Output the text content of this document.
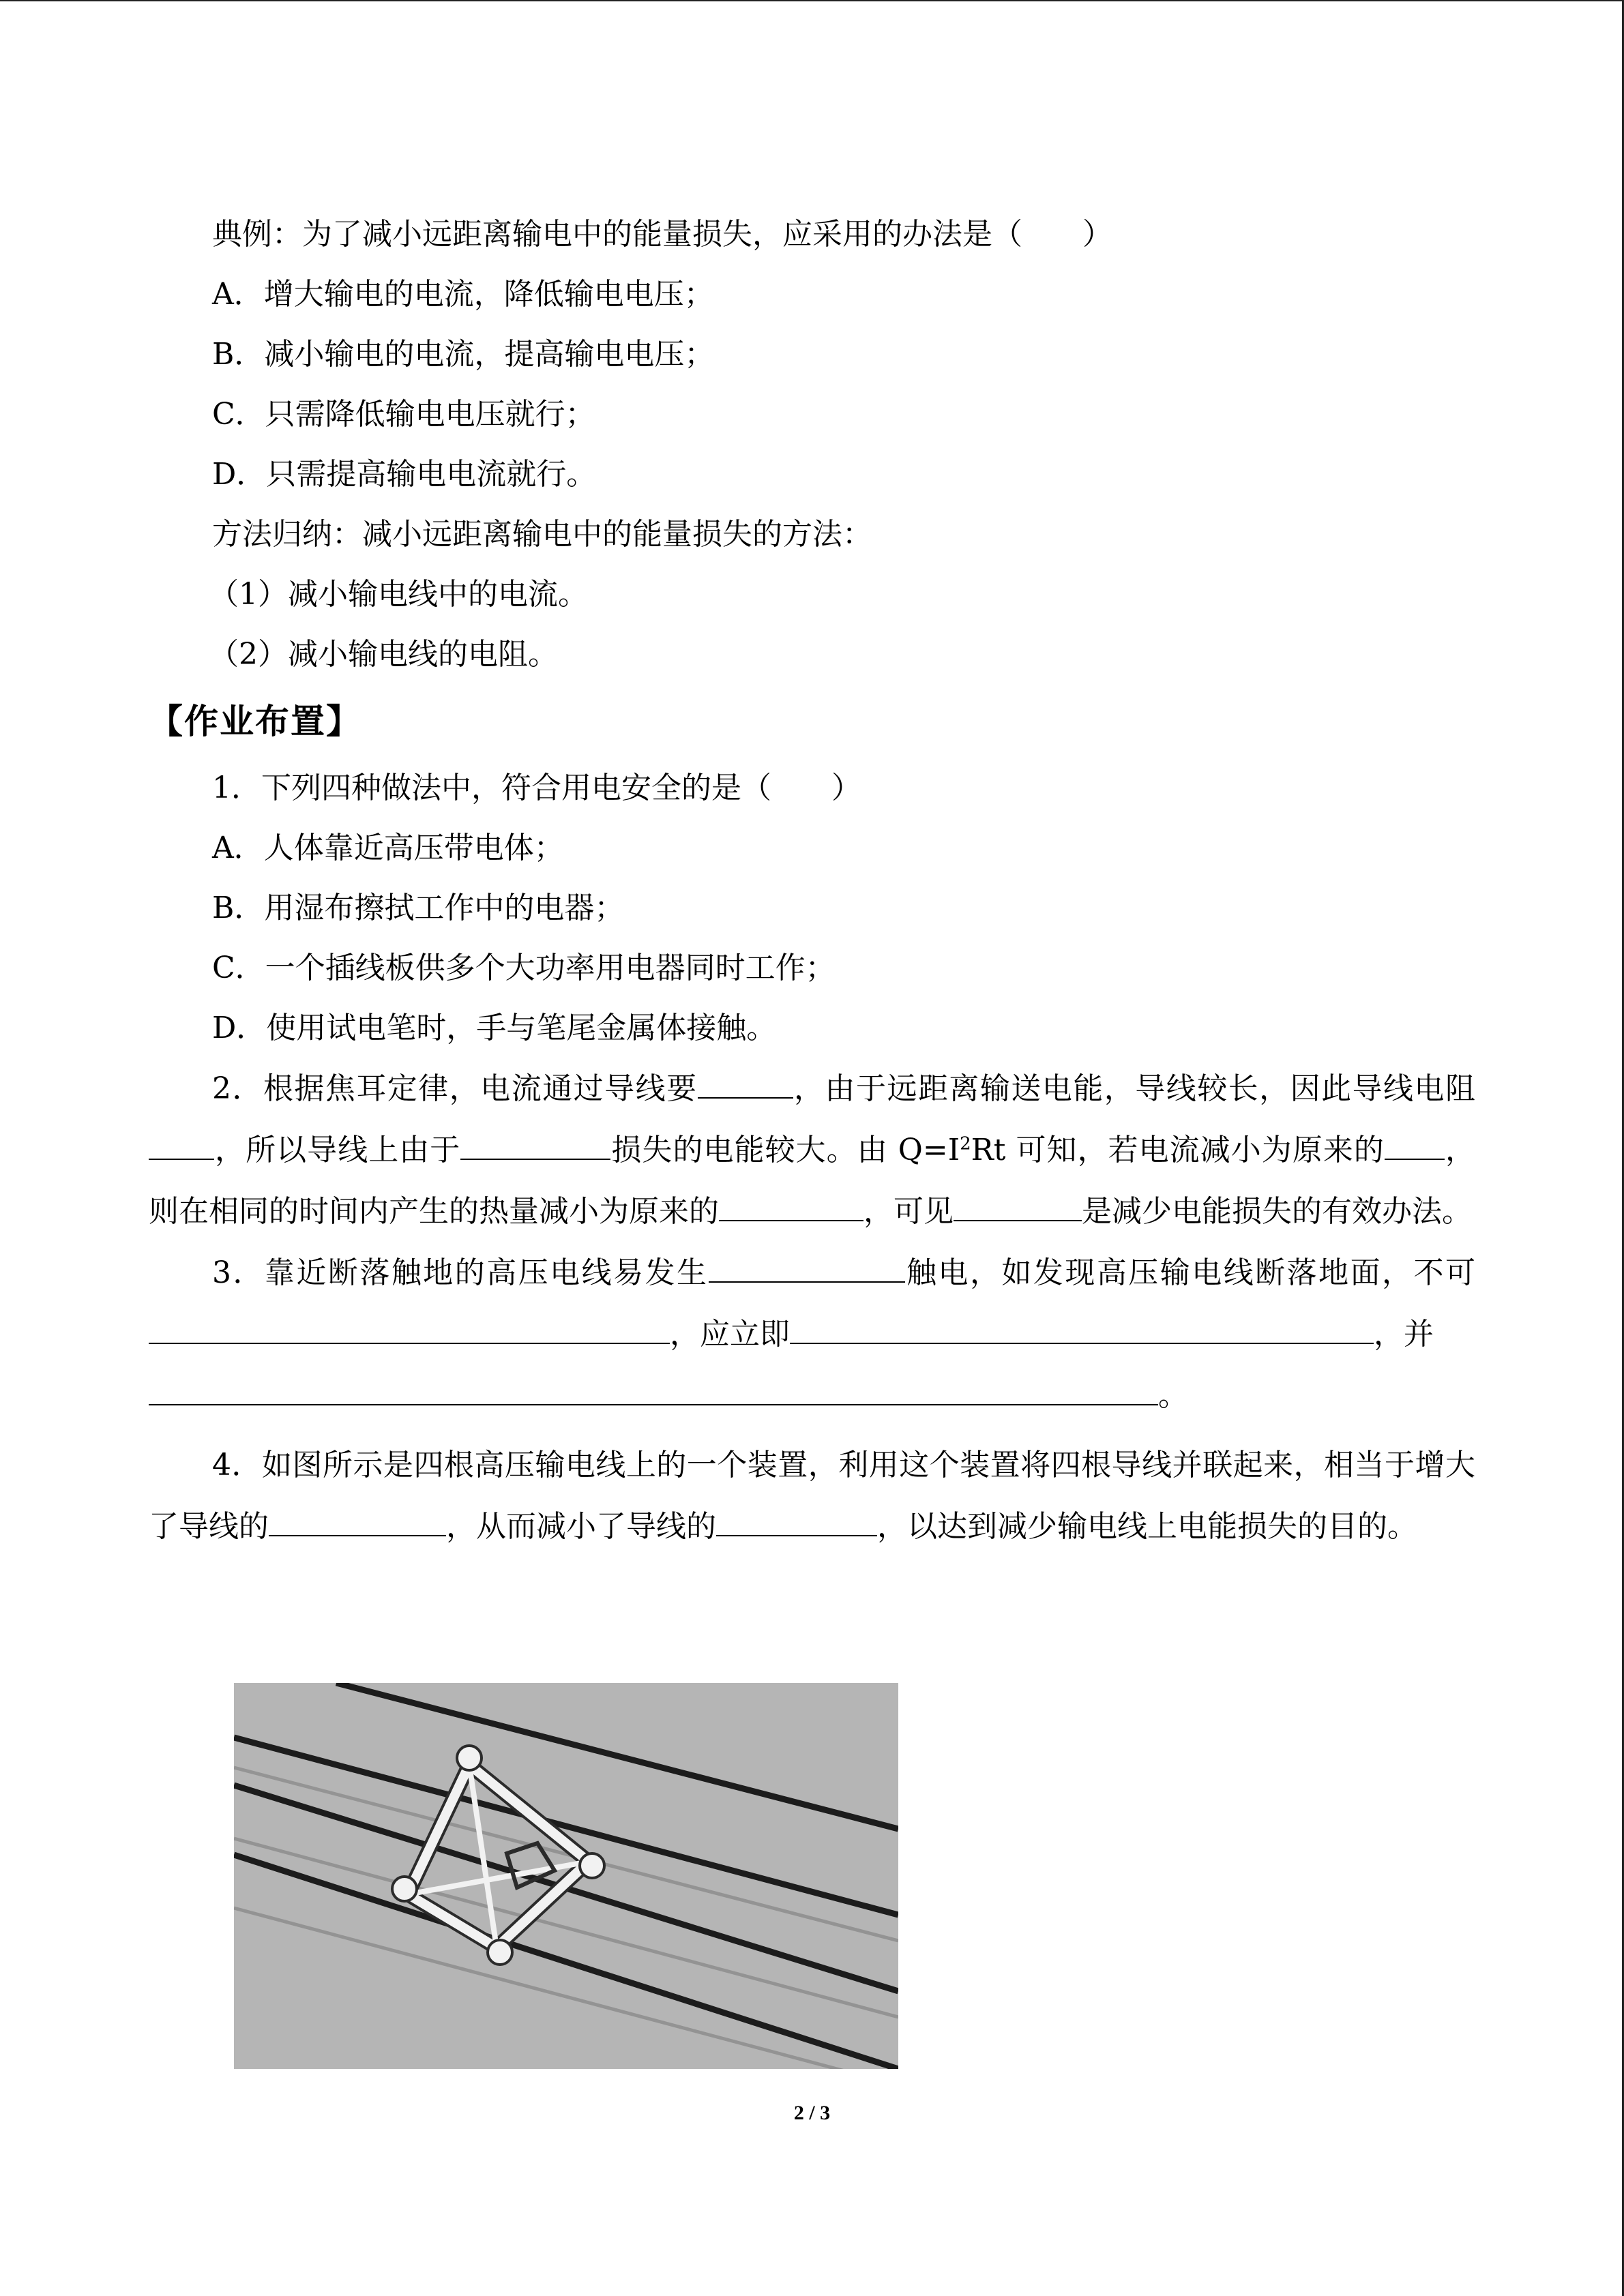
典例：为了减小远距离输电中的能量损失，应采用的办法是（　　）
A．增大输电的电流，降低输电电压；
B．减小输电的电流，提高输电电压；
C．只需降低输电电压就行；
D．只需提高输电电流就行。
方法归纳：减小远距离输电中的能量损失的方法：
（1）减小输电线中的电流。
（2）减小输电线的电阻。
【作业布置】
1．下列四种做法中，符合用电安全的是（　　）
A．人体靠近高压带电体；
B．用湿布擦拭工作中的电器；
C．一个插线板供多个大功率用电器同时工作；
D．使用试电笔时，手与笔尾金属体接触。

2．根据焦耳定律，电流通过导线要	，由于远距离输送电能，导线较长，因此导线电阻，所以导线上由于	损失的电能较大。由 $Q=I^2Rt$ 可知，若电流减小为原来的 ，则在相同的时间内产生的热量减小为原来的	，可见	是减少电能损失的有效办法。

3．靠近断落触地的高压电线易发生	触电，如发现高压输电线断落地面，不可，应立即	，并

。

4．如图所示是四根高压输电线上的一个装置，利用这个装置将四根导线并联起来，相当于增大了导线的	，从而减小了导线的	，以达到减少输电线上电能损失的目的。

2 / 3
